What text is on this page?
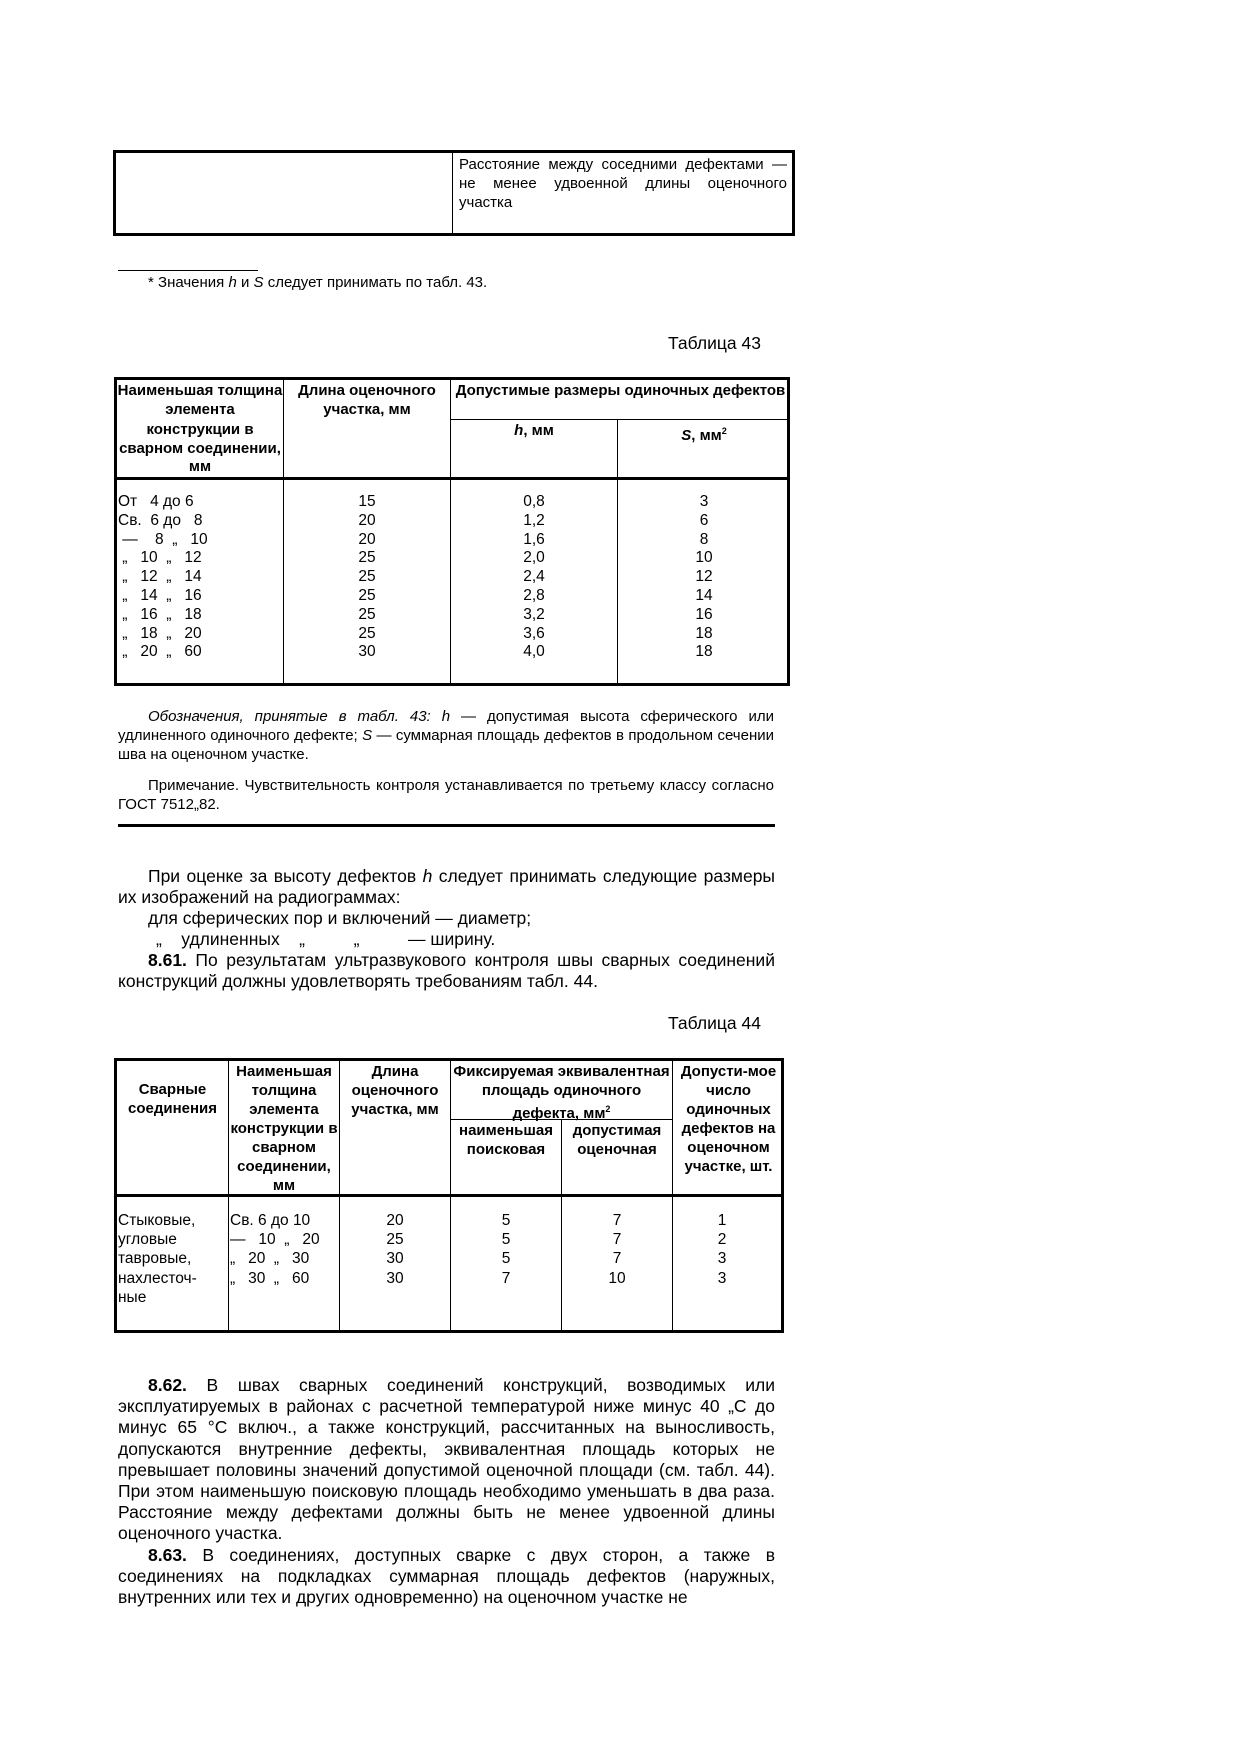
Расстояние между соседними дефектами — не менее удвоенной длины оценочного участка
* Значения h и S следует принимать по табл. 43.
Таблица 43
Наименьшая толщина элемента
конструкции в сварном соединении, мм
Длина оценочного участка, мм
Допустимые размеры одиночных дефектов
h, мм	S, $мм^2$
От   4 до 6
Св.  6 до   8
—    8  „   10
„   10  „   12
„   12  „   14
„   14  „   16
„   16  „   18
„   18  „   20
„   20  „   60
15
20
20
25
25
25
25
25
30
0,8
1,2
1,6
2,0
2,4
2,8
3,2
3,6
4,0
3
6
8
10
12
14
16
18
18
Обозначения, принятые в табл. 43: h — допустимая высота сферического или удлиненного одиночного дефекте; S — суммарная площадь дефектов в продольном сечении шва на оценочном участке.
Примечание. Чувствительность контроля устанавливается по третьему классу согласно ГОСТ 7512„82.
При оценке за высоту дефектов h следует принимать следующие размеры их изображений на радиограммах:
для сферических пор и включений — диаметр;
„    удлиненных    „          „          — ширину.
8.61. По результатам ультразвукового контроля швы сварных соединений конструкций должны удовлетворять требованиям табл. 44.
Таблица 44
Сварные соединения
Наименьшая толщина элемента конструкции в сварном соединении, мм
Длина оценочного участка, мм
Фиксируемая эквивалентная площадь одиночного дефекта, $мм^2$
наименьшая поисковая
допустимая оценочная
Допусти-мое число одиночных дефектов на оценочном участке, шт.
Стыковые, угловые тавровые, нахлесточ-ные
Св. 6 до 10
—   10  „   20
„   20  „   30
„   30  „   60
20
25
30
30
5
5
5
7
7
7
7
10
1
2
3
3
8.62. В швах сварных соединений конструкций, возводимых или эксплуатируемых в районах с расчетной температурой ниже минус 40 „С до минус 65 °С включ., а также конструкций, рассчитанных на выносливость, допускаются внутренние дефекты, эквивалентная площадь которых не превышает половины значений допустимой оценочной площади (см. табл. 44). При этом наименьшую поисковую площадь необходимо уменьшать в два раза. Расстояние между дефектами должны быть не менее удвоенной длины оценочного участка.
8.63. В соединениях, доступных сварке с двух сторон, а также в соединениях на подкладках суммарная площадь дефектов (наружных, внутренних или тех и других одновременно) на оценочном участке не
